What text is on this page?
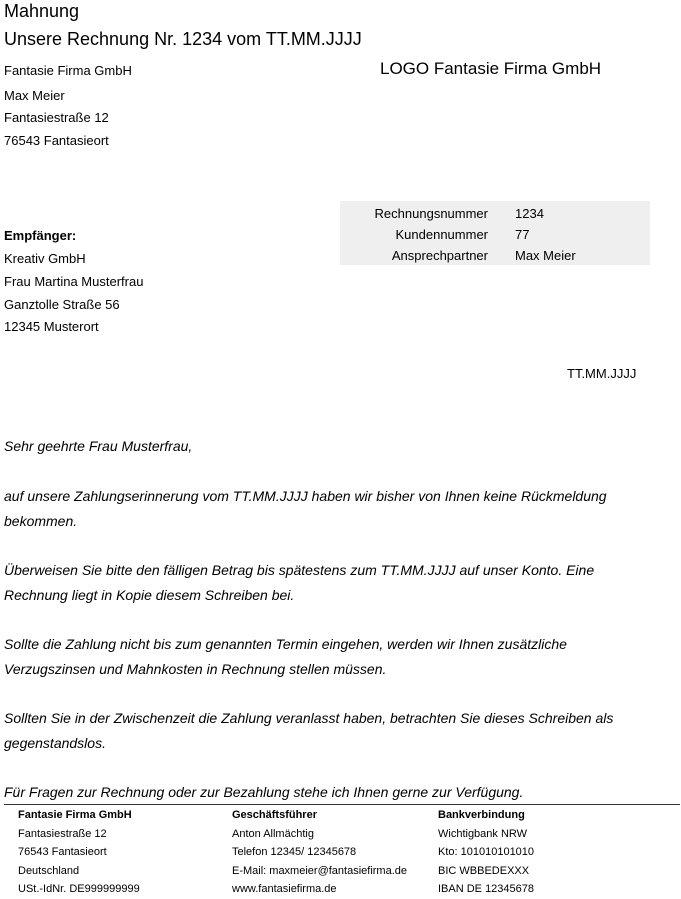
Mahnung
Unsere Rechnung Nr. 1234 vom TT.MM.JJJJ
LOGO Fantasie Firma GmbH
Fantasie Firma GmbH
Max Meier
Fantasiestraße 12
76543 Fantasieort
Rechnungsnummer 1234
Kundennummer 77
Ansprechpartner Max Meier
Empfänger:
Kreativ GmbH
Frau Martina Musterfrau
Ganztolle Straße 56
12345 Musterort
TT.MM.JJJJ
Sehr geehrte Frau Musterfrau,
auf unsere Zahlungserinnerung vom TT.MM.JJJJ haben wir bisher von Ihnen keine Rückmeldung
bekommen.
Überweisen Sie bitte den fälligen Betrag bis spätestens zum TT.MM.JJJJ auf unser Konto. Eine
Rechnung liegt in Kopie diesem Schreiben bei.
Sollte die Zahlung nicht bis zum genannten Termin eingehen, werden wir Ihnen zusätzliche
Verzugszinsen und Mahnkosten in Rechnung stellen müssen.
Sollten Sie in der Zwischenzeit die Zahlung veranlasst haben, betrachten Sie dieses Schreiben als
gegenstandslos.
Für Fragen zur Rechnung oder zur Bezahlung stehe ich Ihnen gerne zur Verfügung.
Fantasie Firma GmbH
Fantasiestraße 12
76543 Fantasieort
Deutschland
USt.-IdNr. DE999999999
Geschäftsführer
Anton Allmächtig
Telefon 12345/ 12345678
E-Mail: maxmeier@fantasiefirma.de
www.fantasiefirma.de
Bankverbindung
Wichtigbank NRW
Kto: 101010101010
BIC WBBEDEXXX
IBAN DE 12345678
